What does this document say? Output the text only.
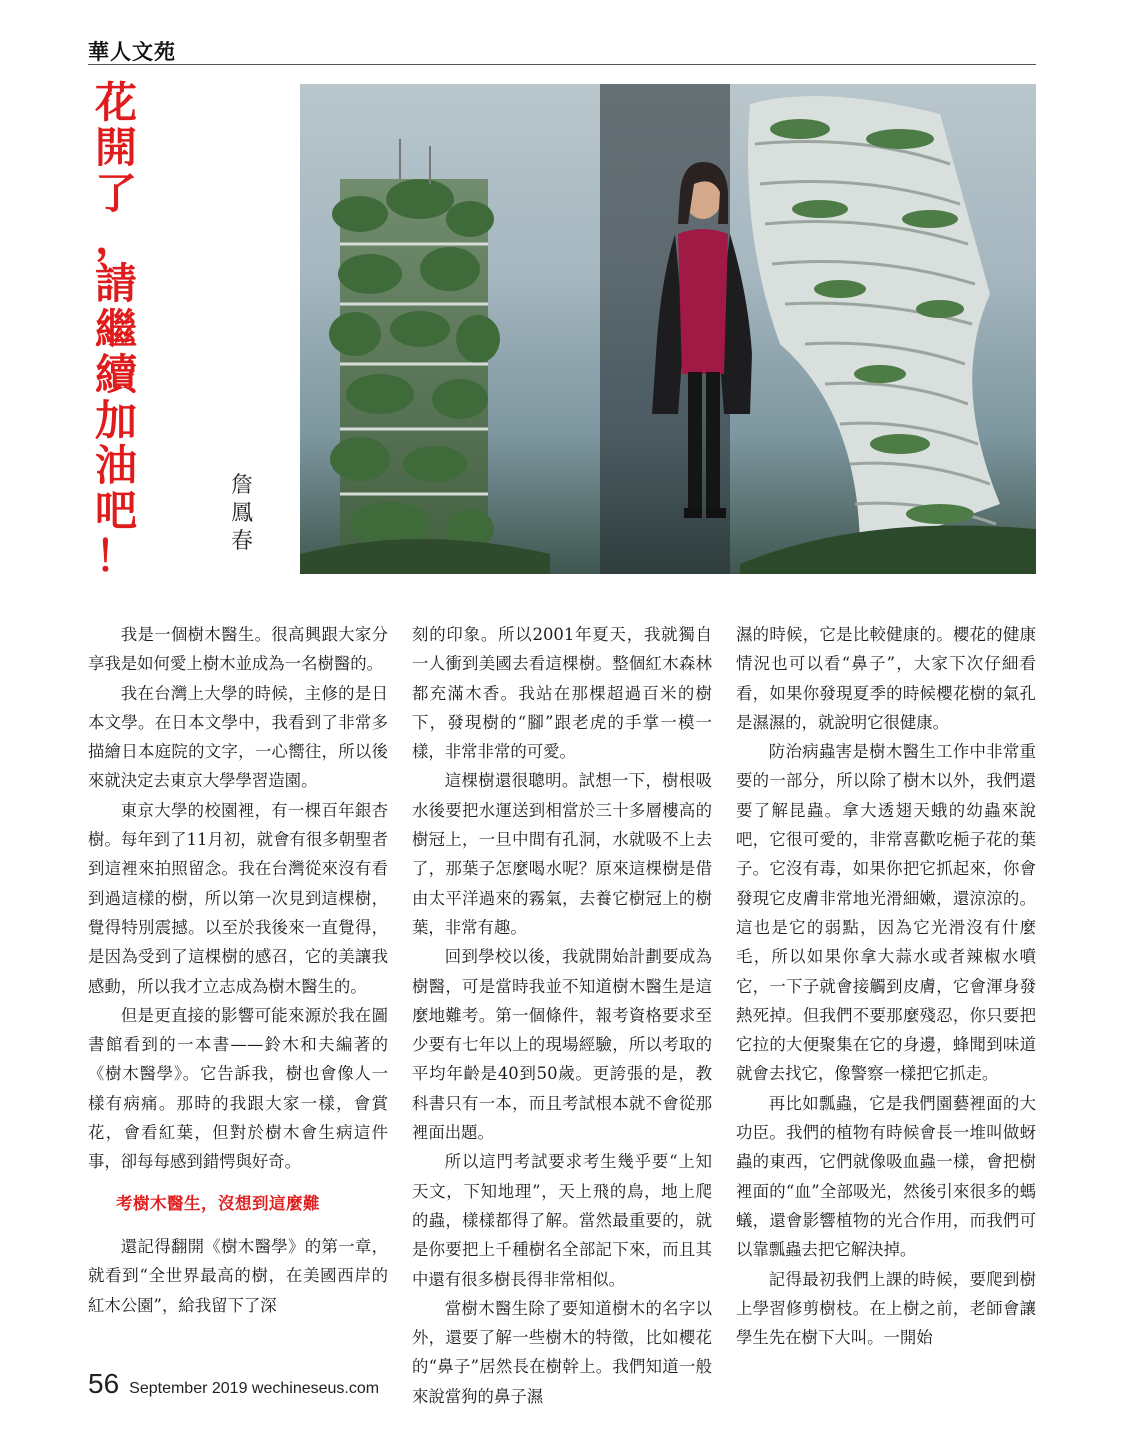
華人文苑
花
開
了
，
請
繼
續
加
油
吧
！
詹
鳳
春

我是一個樹木醫生。很高興跟大家分享我是如何愛上樹木並成為一名樹醫的。

我在台灣上大學的時候，主修的是日本文學。在日本文學中，我看到了非常多描繪日本庭院的文字，一心嚮往，所以後來就決定去東京大學學習造園。

東京大學的校園裡，有一棵百年銀杏樹。每年到了11月初，就會有很多朝聖者到這裡來拍照留念。我在台灣從來沒有看到過這樣的樹，所以第一次見到這棵樹，覺得特別震撼。以至於我後來一直覺得，是因為受到了這棵樹的感召，它的美讓我感動，所以我才立志成為樹木醫生的。

但是更直接的影響可能來源於我在圖書館看到的一本書——鈴木和夫編著的《樹木醫學》。它告訴我，樹也會像人一樣有病痛。那時的我跟大家一樣，會賞花，會看紅葉，但對於樹木會生病這件事，卻每每感到錯愕與好奇。

考樹木醫生，沒想到這麼難

還記得翻開《樹木醫學》的第一章，就看到“全世界最高的樹，在美國西岸的紅木公園”，給我留下了深

刻的印象。所以2001年夏天，我就獨自一人衝到美國去看這棵樹。整個紅木森林都充滿木香。我站在那棵超過百米的樹下，發現樹的“腳”跟老虎的手掌一模一樣，非常非常的可愛。

這棵樹還很聰明。試想一下，樹根吸水後要把水運送到相當於三十多層樓高的樹冠上，一旦中間有孔洞，水就吸不上去了，那葉子怎麼喝水呢？原來這棵樹是借由太平洋過來的霧氣，去養它樹冠上的樹葉，非常有趣。

回到學校以後，我就開始計劃要成為樹醫，可是當時我並不知道樹木醫生是這麼地難考。第一個條件，報考資格要求至少要有七年以上的現場經驗，所以考取的平均年齡是40到50歲。更誇張的是，教科書只有一本，而且考試根本就不會從那裡面出題。

所以這門考試要求考生幾乎要“上知天文，下知地理”，天上飛的鳥，地上爬的蟲，樣樣都得了解。當然最重要的，就是你要把上千種樹名全部記下來，而且其中還有很多樹長得非常相似。

當樹木醫生除了要知道樹木的名字以外，還要了解一些樹木的特徵，比如櫻花的“鼻子”居然長在樹幹上。我們知道一般來說當狗的鼻子濕

濕的時候，它是比較健康的。櫻花的健康情況也可以看“鼻子”，大家下次仔細看看，如果你發現夏季的時候櫻花樹的氣孔是濕濕的，就說明它很健康。

防治病蟲害是樹木醫生工作中非常重要的一部分，所以除了樹木以外，我們還要了解昆蟲。拿大透翅天蛾的幼蟲來說吧，它很可愛的，非常喜歡吃梔子花的葉子。它沒有毒，如果你把它抓起來，你會發現它皮膚非常地光滑細嫩，還涼涼的。這也是它的弱點，因為它光滑沒有什麼毛，所以如果你拿大蒜水或者辣椒水噴它，一下子就會接觸到皮膚，它會渾身發熱死掉。但我們不要那麼殘忍，你只要把它拉的大便聚集在它的身邊，蜂聞到味道就會去找它，像警察一樣把它抓走。

再比如瓢蟲，它是我們園藝裡面的大功臣。我們的植物有時候會長一堆叫做蚜蟲的東西，它們就像吸血蟲一樣，會把樹裡面的“血”全部吸光，然後引來很多的螞蟻，還會影響植物的光合作用，而我們可以靠瓢蟲去把它解決掉。

記得最初我們上課的時候，要爬到樹上學習修剪樹枝。在上樹之前，老師會讓學生先在樹下大叫。一開始

56 September 2019 wechineseus.com
